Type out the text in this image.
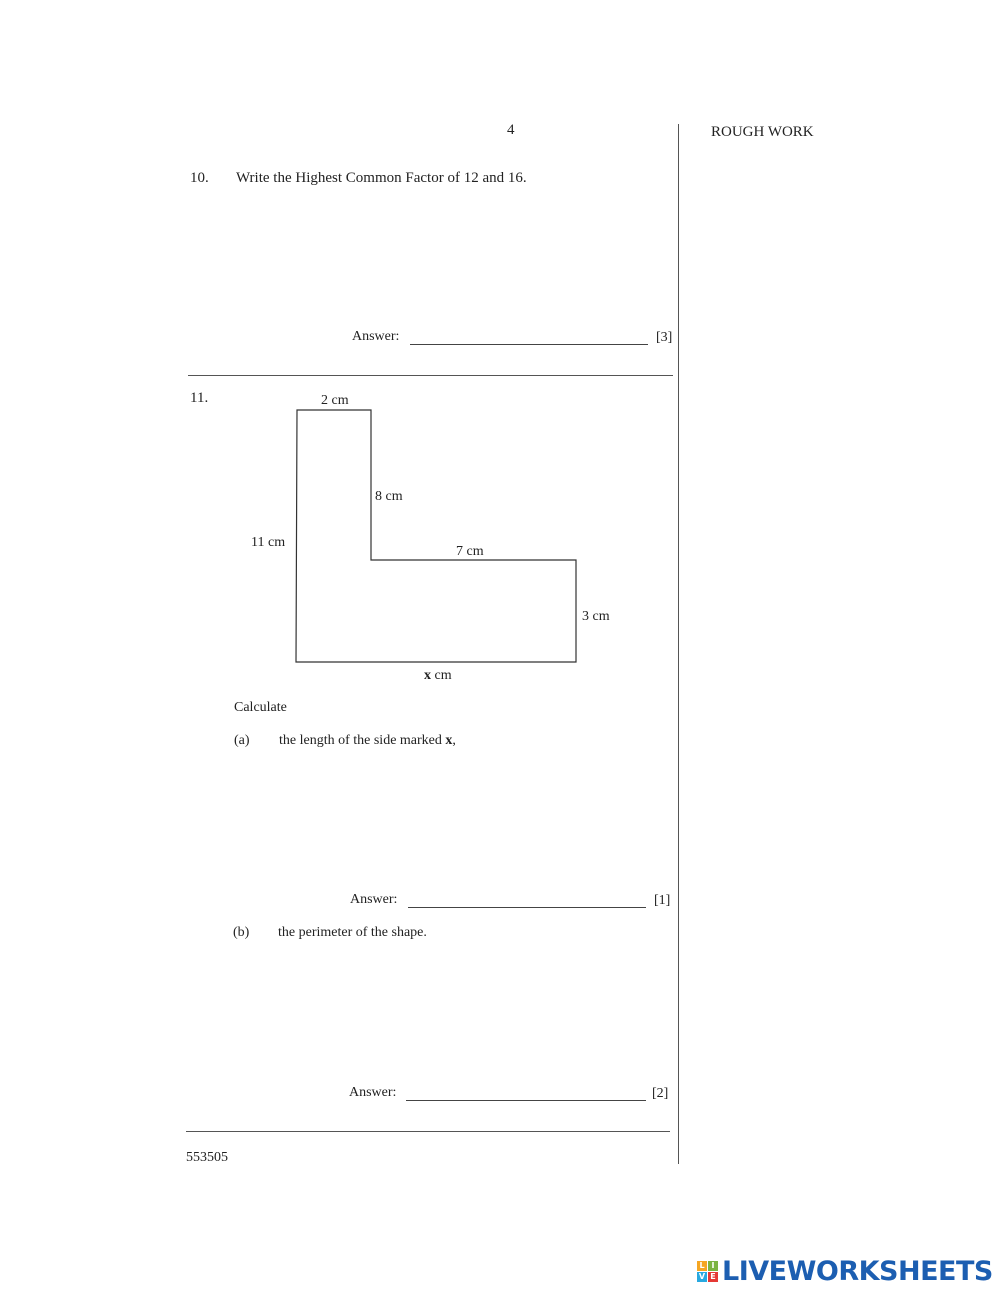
4	ROUGH WORK
10. Write the Highest Common Factor of 12 and 16.
Answer:	[3]
11.	2 cm
8 cm
11 cm
7 cm
3 cm
x cm
Calculate
(a) the length of the side marked x,
Answer:	[1]
(b) the perimeter of the shape.
Answer:	[2]
553505
L I
V E LIVEWORKSHEETS
